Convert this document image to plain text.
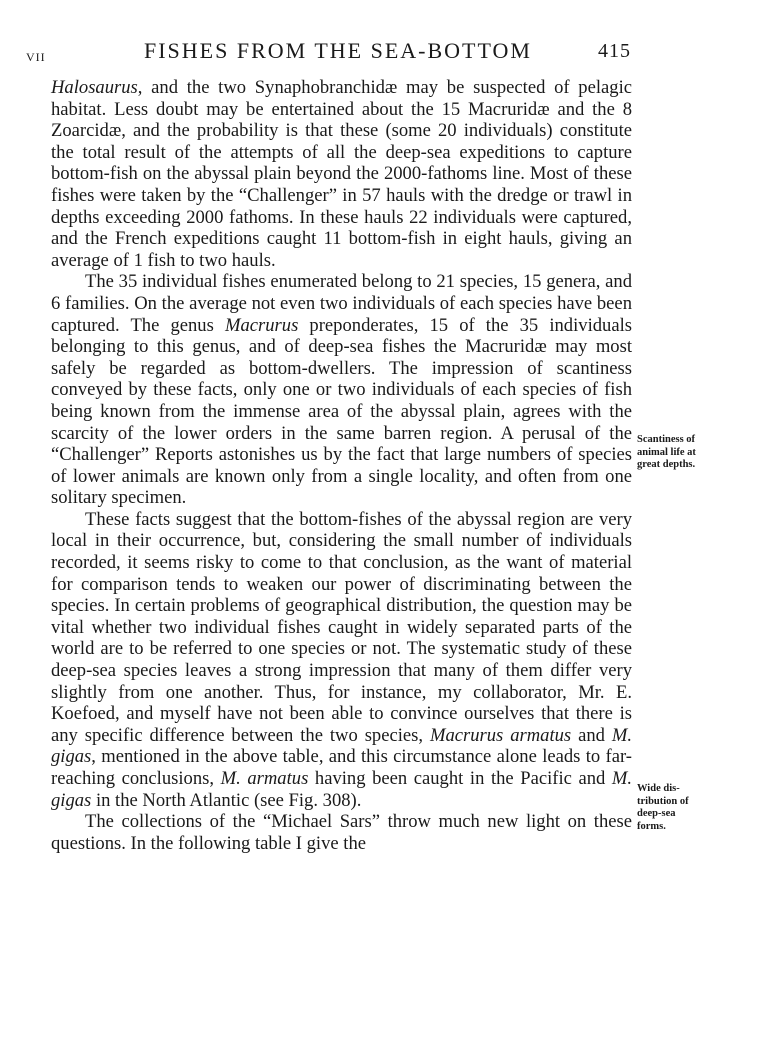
VII	FISHES FROM THE SEA-BOTTOM	415

Halosaurus, and the two Synaphobranchidæ may be suspected of pelagic habitat. Less doubt may be entertained about the 15 Macruridæ and the 8 Zoarcidæ, and the probability is that these (some 20 individuals) constitute the total result of the attempts of all the deep-sea expeditions to capture bottom-fish on the abyssal plain beyond the 2000-fathoms line. Most of these fishes were taken by the “Challenger” in 57 hauls with the dredge or trawl in depths exceeding 2000 fathoms. In these hauls 22 individuals were captured, and the French expeditions caught 11 bottom-fish in eight hauls, giving an average of 1 fish to two hauls.

The 35 individual fishes enumerated belong to 21 species, 15 genera, and 6 families. On the average not even two individuals of each species have been captured. The genus Macrurus preponderates, 15 of the 35 individuals belonging to this genus, and of deep-sea fishes the Macruridæ may most safely be regarded as bottom-dwellers. The impression of scantiness conveyed by these facts, only one or two individuals of each species of fish being known from the immense area of the abyssal plain, agrees with the scarcity of the lower orders in the same barren region. A perusal of the “Challenger” Reports astonishes us by the fact that large numbers of species of lower animals are known only from a single locality, and often from one solitary specimen.

These facts suggest that the bottom-fishes of the abyssal region are very local in their occurrence, but, considering the small number of individuals recorded, it seems risky to come to that conclusion, as the want of material for comparison tends to weaken our power of discriminating between the species. In certain problems of geographical distribution, the question may be vital whether two individual fishes caught in widely separated parts of the world are to be referred to one species or not. The systematic study of these deep-sea species leaves a strong impression that many of them differ very slightly from one another. Thus, for instance, my collaborator, Mr. E. Koefoed, and myself have not been able to convince ourselves that there is any specific difference between the two species, Macrurus armatus and M. gigas, mentioned in the above table, and this circumstance alone leads to far-reaching conclusions, M. armatus having been caught in the Pacific and M. gigas in the North Atlantic (see Fig. 308).

The collections of the “Michael Sars” throw much new light on these questions. In the following table I give the

Scantiness of
animal life at
great depths.
Wide dis-
tribution of
deep-sea
forms.
